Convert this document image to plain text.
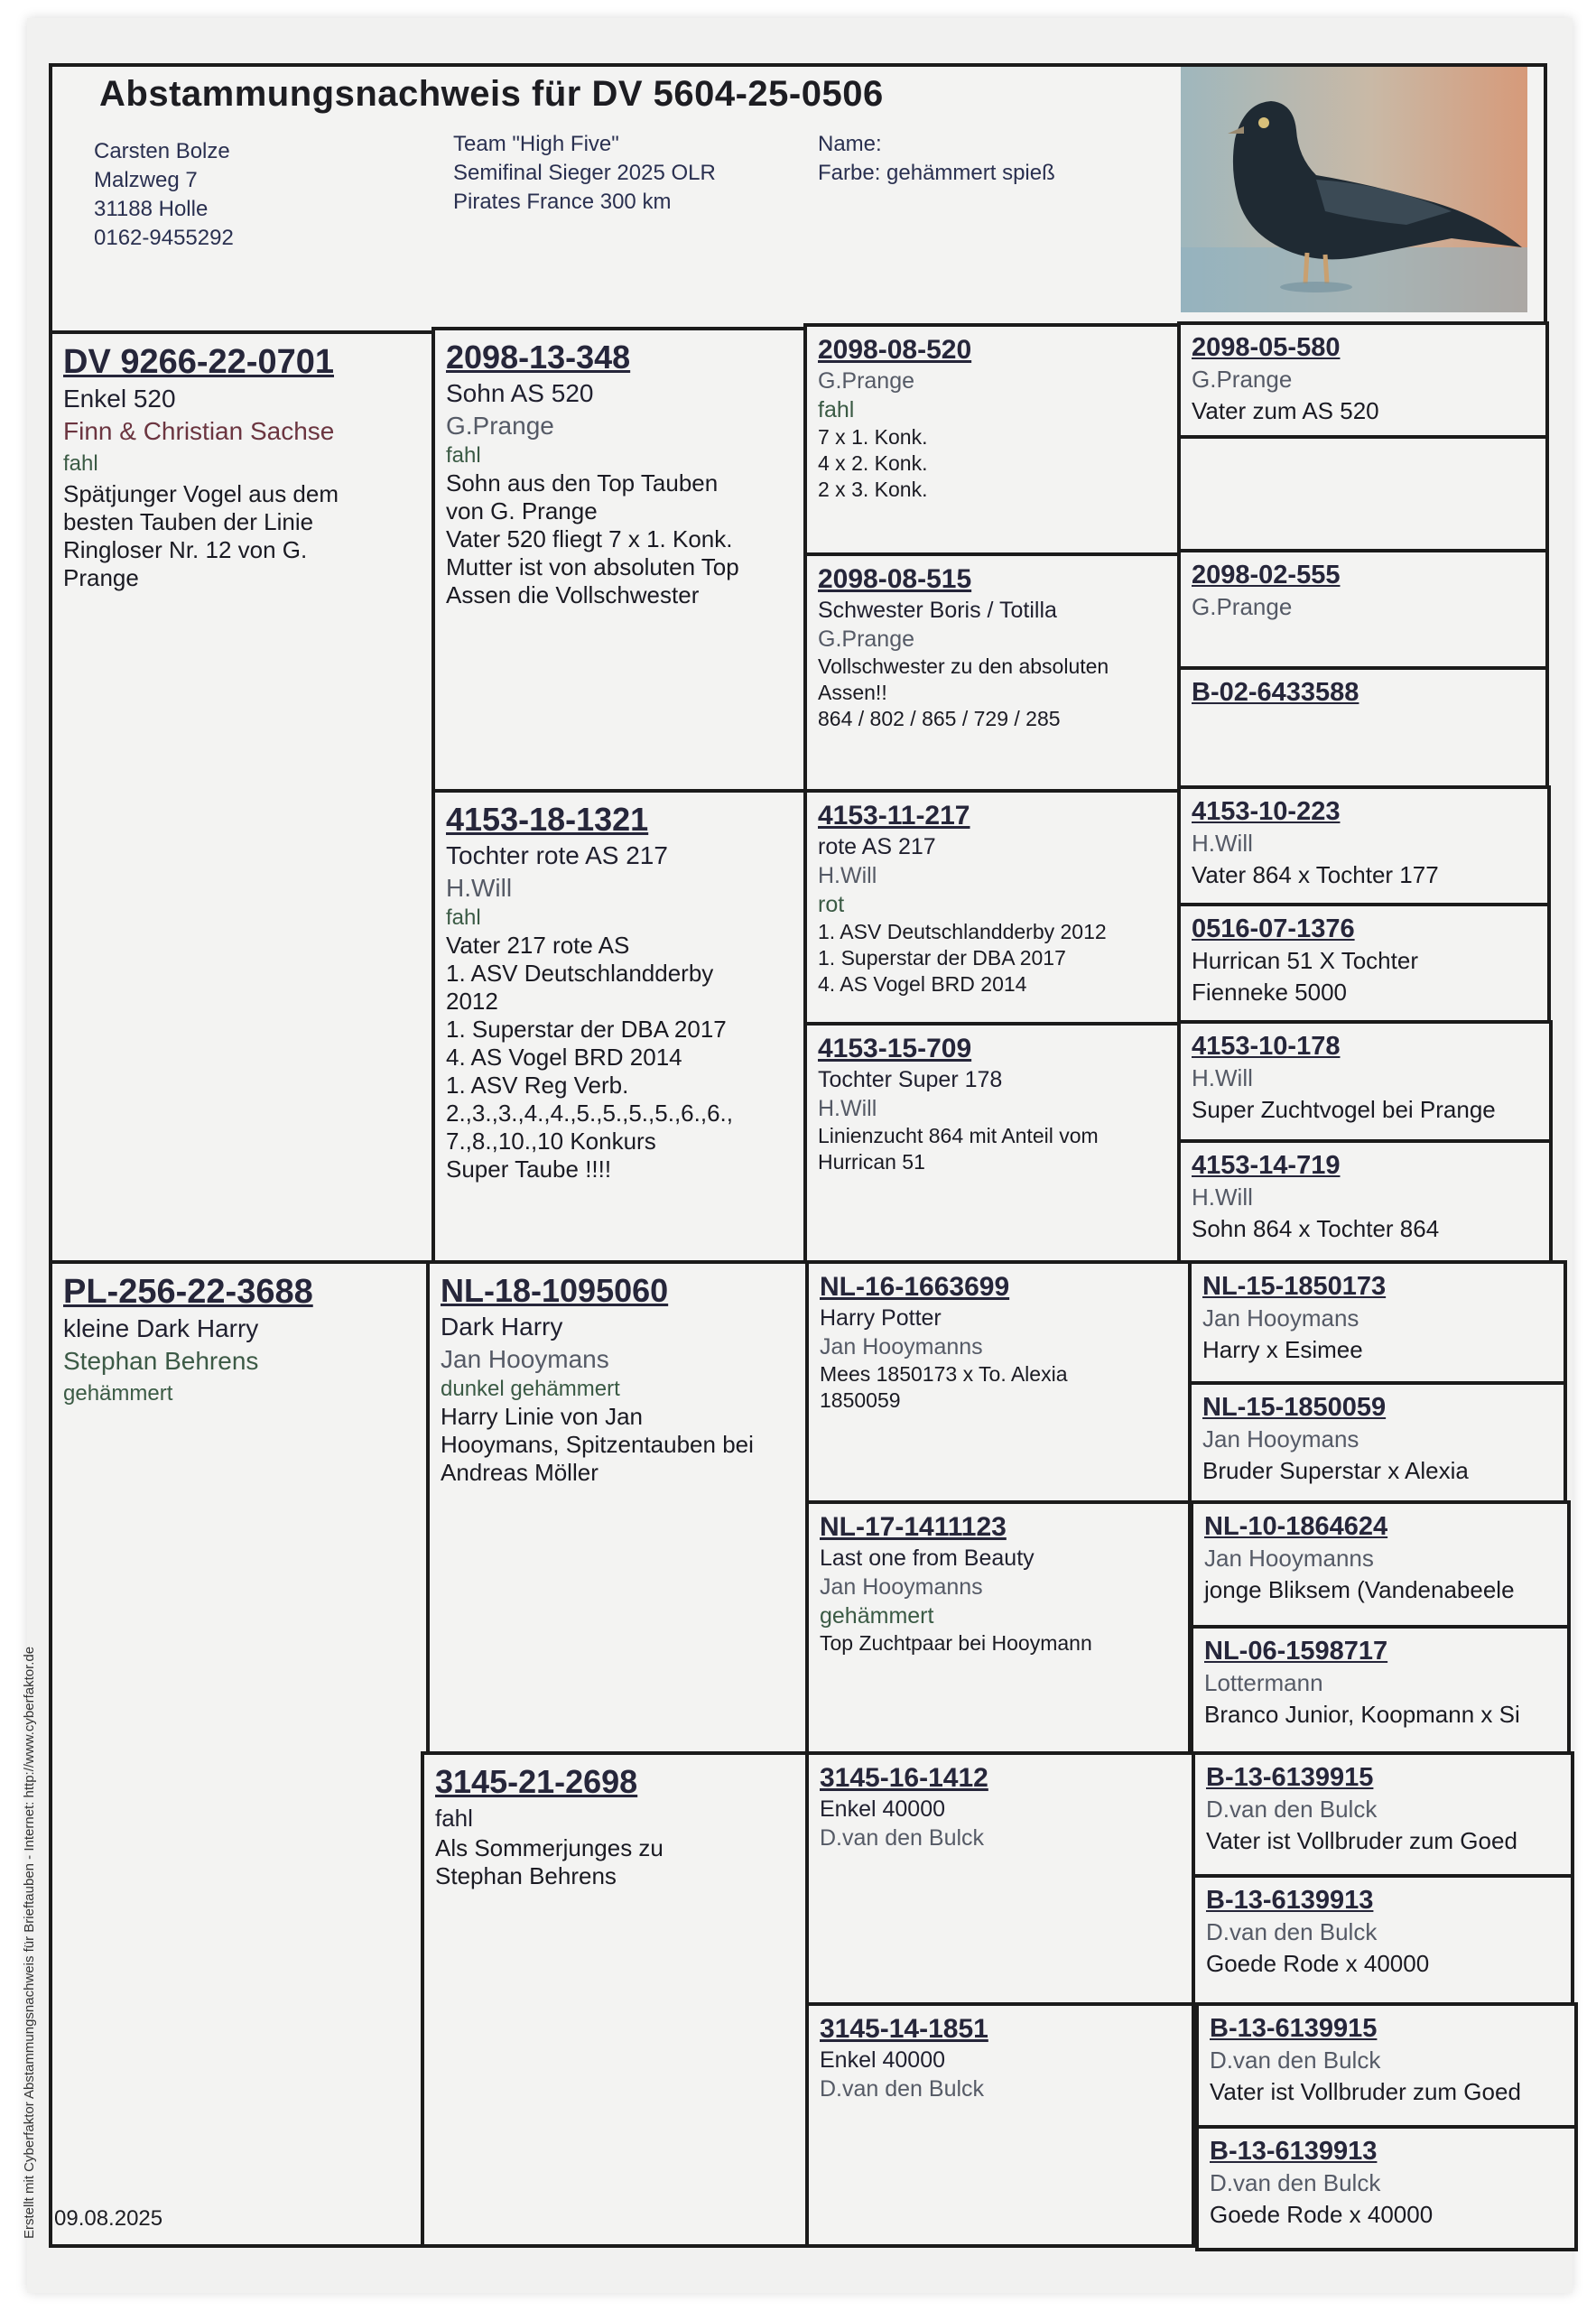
Abstammungsnachweis für DV 5604-25-0506
Carsten Bolze
Malzweg 7
31188 Holle
0162-9455292
Team "High Five"
Semifinal Sieger 2025 OLR
Pirates France 300 km
Name:
Farbe: gehämmert spieß
DV 9266-22-0701
Enkel 520
Finn & Christian Sachse
fahl
Spätjunger Vogel aus dem
besten Tauben der Linie
Ringloser Nr. 12 von G.
Prange
PL-256-22-3688
kleine Dark Harry
Stephan Behrens
gehämmert
2098-13-348
Sohn AS 520
G.Prange
fahl
Sohn aus den Top Tauben
von G. Prange
Vater 520 fliegt 7 x 1. Konk.
Mutter ist von absoluten Top
Assen die Vollschwester
4153-18-1321
Tochter rote AS 217
H.Will
fahl
Vater 217 rote AS
1. ASV Deutschlandderby
2012
1. Superstar der DBA 2017
4. AS Vogel BRD 2014
1. ASV Reg Verb.
2.,3.,3.,4.,4.,5.,5.,5.,5.,6.,6.,
7.,8.,10.,10 Konkurs
Super Taube !!!!
NL-18-1095060
Dark Harry
Jan Hooymans
dunkel gehämmert
Harry Linie von Jan
Hooymans, Spitzentauben bei
Andreas Möller
3145-21-2698
fahl
Als Sommerjunges zu
Stephan Behrens
2098-08-520
G.Prange
fahl
7 x 1. Konk.
4 x 2. Konk.
2 x 3. Konk.
2098-08-515
Schwester Boris / Totilla
G.Prange
Vollschwester zu den absoluten
Assen!!
864 / 802 / 865 / 729 / 285
4153-11-217
rote AS 217
H.Will
rot
1. ASV Deutschlandderby 2012
1. Superstar der DBA 2017
4. AS Vogel BRD 2014
4153-15-709
Tochter Super 178
H.Will
Linienzucht 864 mit Anteil vom
Hurrican 51
NL-16-1663699
Harry Potter
Jan Hooymanns
Mees 1850173 x To. Alexia
1850059
NL-17-1411123
Last one from Beauty
Jan Hooymanns
gehämmert
Top Zuchtpaar bei Hooymann
3145-16-1412
Enkel 40000
D.van den Bulck
3145-14-1851
Enkel 40000
D.van den Bulck
2098-05-580
G.Prange
Vater zum AS 520
2098-02-555
G.Prange
B-02-6433588
4153-10-223
H.Will
Vater 864 x Tochter 177
0516-07-1376
Hurrican 51 X Tochter
Fienneke 5000
4153-10-178
H.Will
Super Zuchtvogel bei Prange
4153-14-719
H.Will
Sohn 864 x Tochter 864
NL-15-1850173
Jan Hooymans
Harry x Esimee
NL-15-1850059
Jan Hooymans
Bruder Superstar x Alexia
NL-10-1864624
Jan Hooymanns
jonge Bliksem (Vandenabeele
NL-06-1598717
Lottermann
Branco Junior, Koopmann x Si
B-13-6139915
D.van den Bulck
Vater ist Vollbruder zum Goed
B-13-6139913
D.van den Bulck
Goede Rode x 40000
B-13-6139915
D.van den Bulck
Vater ist Vollbruder zum Goed
B-13-6139913
D.van den Bulck
Goede Rode x 40000
Erstellt mit Cyberfaktor Abstammungsnachweis für Brieftauben - Internet: http://www.cyberfaktor.de 09.08.2025
